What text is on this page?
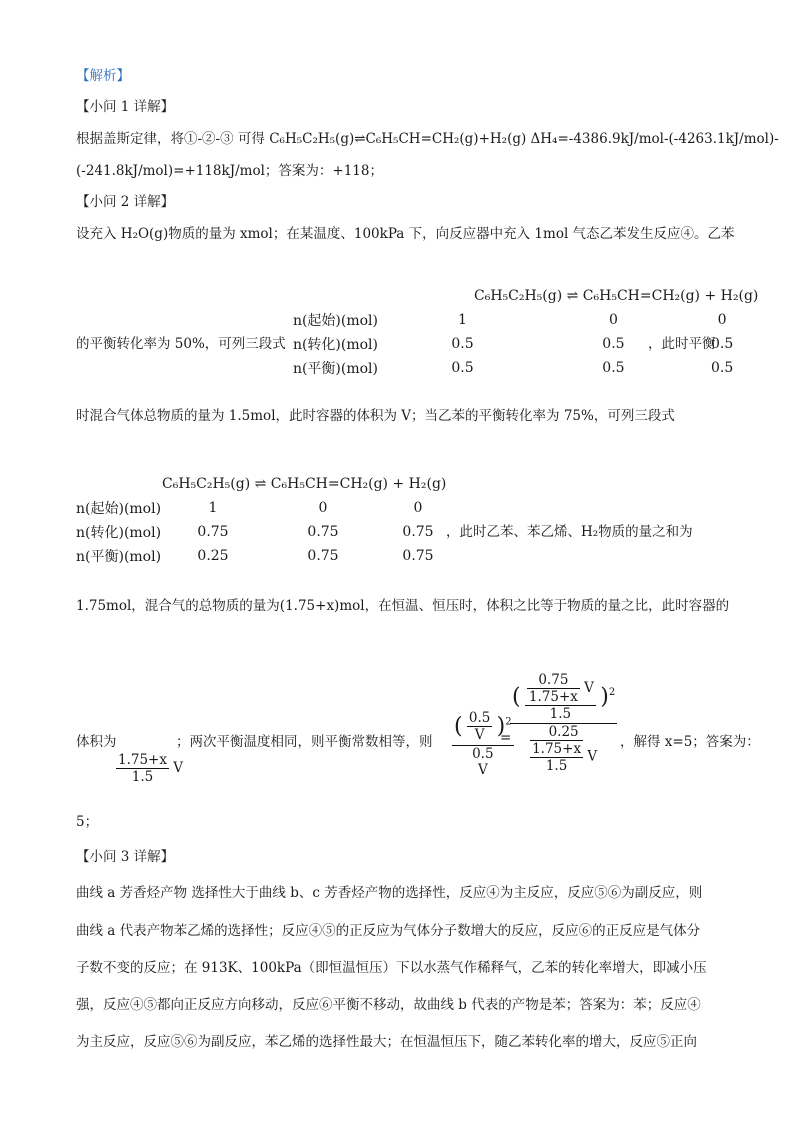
【解析】
【小问 1 详解】
根据盖斯定律，将①-②-③ 可得 C₆H₅C₂H₅(g)⇌C₆H₅CH=CH₂(g)+H₂(g) ΔH₄=-4386.9kJ/mol-(-4263.1kJ/mol)-
(-241.8kJ/mol)=+118kJ/mol；答案为：+118；
【小问 2 详解】
设充入 H₂O(g)物质的量为 xmol；在某温度、100kPa 下，向反应器中充入 1mol 气态乙苯发生反应④。乙苯
的平衡转化率为 50%，可列三段式
	C₆H₅C₂H₅(g) ⇌ C₆H₅CH=CH₂(g) + H₂(g)		
n(起始)(mol)	1	0	0
n(转化)(mol)	0.5	0.5	0.5
n(平衡)(mol)	0.5	0.5	0.5
，此时平衡
时混合气体总物质的量为 1.5mol，此时容器的体积为 V；当乙苯的平衡转化率为 75%，可列三段式
C₆H₅C₂H₅(g) ⇌ C₆H₅CH=CH₂(g) + H₂(g)			
n(起始)(mol)	1	0	0
n(转化)(mol)	0.75	0.75	0.75
n(平衡)(mol)	0.25	0.75	0.75
，此时乙苯、苯乙烯、H₂物质的量之和为
1.75mol，混合气的总物质的量为(1.75+x)mol，在恒温、恒压时，体积之比等于物质的量之比，此时容器的
体积为
$\frac{1.75+x}{1.5}$ V
；两次平衡温度相同，则平衡常数相等，则 ( $\frac{0.5}{V} )^2$
0.5
V
=
( $\frac{\frac{0.75}{1.75+x} V}{1.5} )^2$
0.25
$\frac{1.75+x}{1.5}$ V
，解得 x=5；答案为：
5；
【小问 3 详解】
曲线 a 芳香烃产物 选择性大于曲线 b、c 芳香烃产物的选择性，反应④为主反应，反应⑤⑥为副反应，则
曲线 a 代表产物苯乙烯的选择性；反应④⑤的正反应为气体分子数增大的反应，反应⑥的正反应是气体分
子数不变的反应；在 913K、100kPa（即恒温恒压）下以水蒸气作稀释气，乙苯的转化率增大，即减小压
强，反应④⑤都向正反应方向移动，反应⑥平衡不移动，故曲线 b 代表的产物是苯；答案为：苯；反应④
为主反应，反应⑤⑥为副反应，苯乙烯的选择性最大；在恒温恒压下，随乙苯转化率的增大，反应⑤正向
